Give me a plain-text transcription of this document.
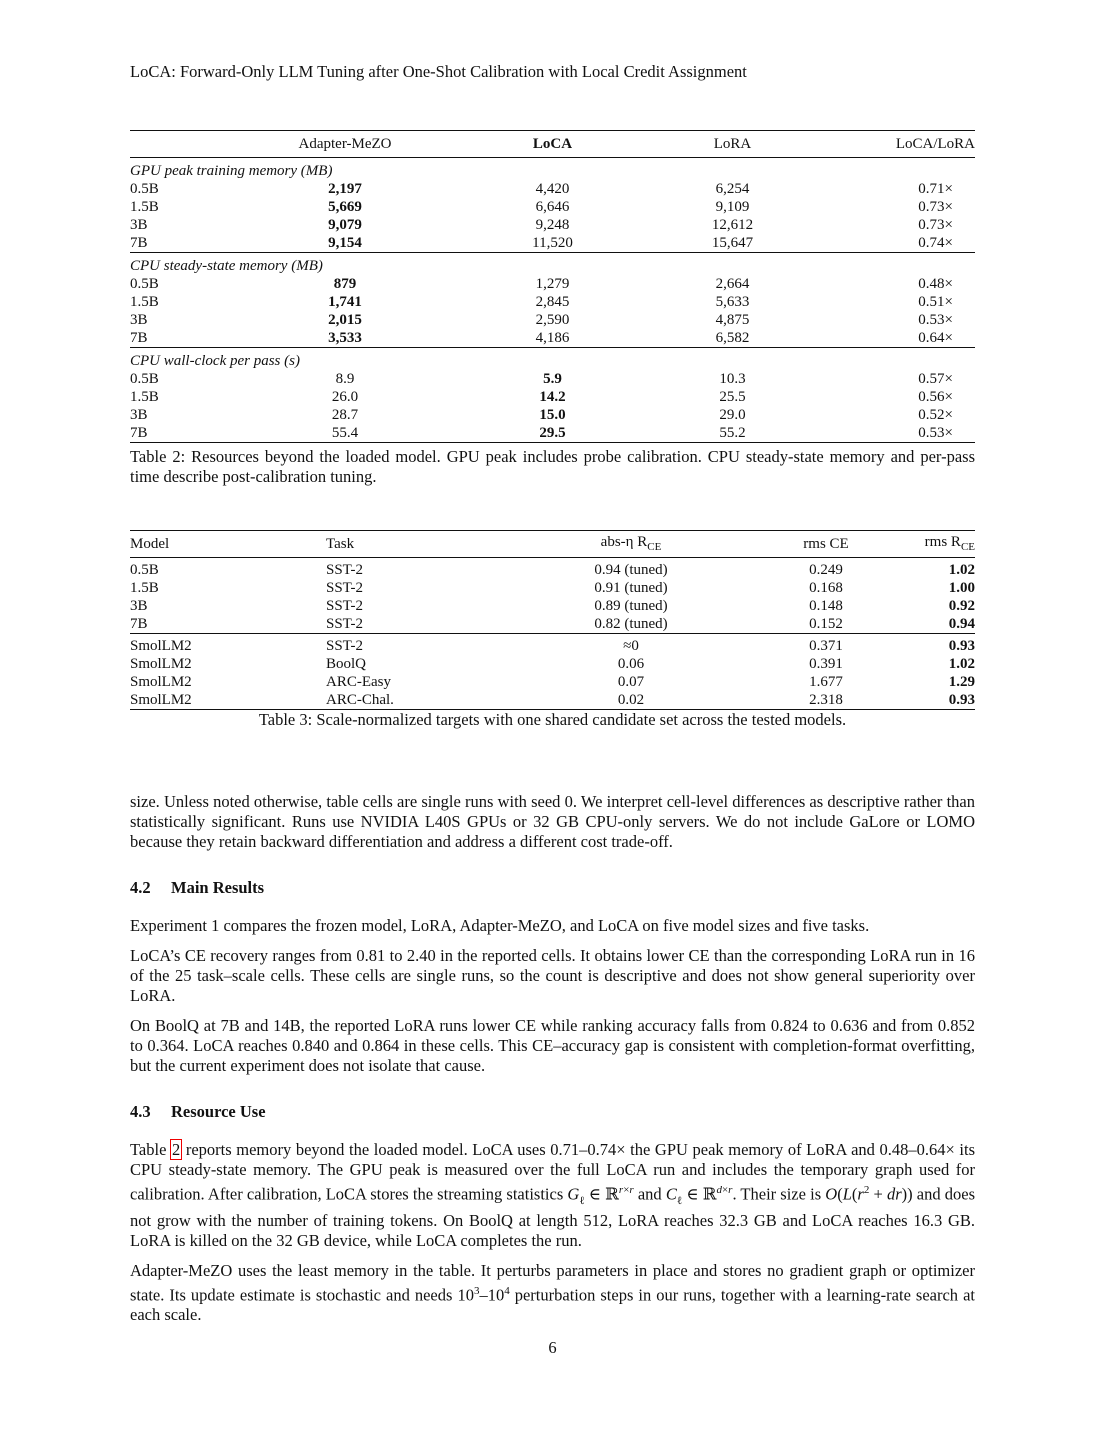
LoCA: Forward-Only LLM Tuning after One-Shot Calibration with Local Credit Assignment
	Adapter-MeZO	LoCA	LoRA	LoCA/LoRA
GPU peak training memory (MB)				
0.5B	2,197	4,420	6,254	0.71×
1.5B	5,669	6,646	9,109	0.73×
3B	9,079	9,248	12,612	0.73×
7B	9,154	11,520	15,647	0.74×
CPU steady-state memory (MB)				
0.5B	879	1,279	2,664	0.48×
1.5B	1,741	2,845	5,633	0.51×
3B	2,015	2,590	4,875	0.53×
7B	3,533	4,186	6,582	0.64×
CPU wall-clock per pass (s)				
0.5B	8.9	5.9	10.3	0.57×
1.5B	26.0	14.2	25.5	0.56×
3B	28.7	15.0	29.0	0.52×
7B	55.4	29.5	55.2	0.53×
Table 2: Resources beyond the loaded model. GPU peak includes probe calibration. CPU steady-state memory and per-pass time describe post-calibration tuning.
Model	Task	abs-η $R_{CE}$	rms CE	rms $R_{CE}$
0.5B	SST-2	0.94 (tuned)	0.249	1.02
1.5B	SST-2	0.91 (tuned)	0.168	1.00
3B	SST-2	0.89 (tuned)	0.148	0.92
7B	SST-2	0.82 (tuned)	0.152	0.94
SmolLM2	SST-2	≈0	0.371	0.93
SmolLM2	BoolQ	0.06	0.391	1.02
SmolLM2	ARC-Easy	0.07	1.677	1.29
SmolLM2	ARC-Chal.	0.02	2.318	0.93
Table 3: Scale-normalized targets with one shared candidate set across the tested models.

size. Unless noted otherwise, table cells are single runs with seed 0. We interpret cell-level differences as descriptive rather than statistically significant. Runs use NVIDIA L40S GPUs or 32 GB CPU-only servers. We do not include GaLore or LOMO because they retain backward differentiation and address a different cost trade-off.

4.2 Main Results

Experiment 1 compares the frozen model, LoRA, Adapter-MeZO, and LoCA on five model sizes and five tasks.

LoCA’s CE recovery ranges from 0.81 to 2.40 in the reported cells. It obtains lower CE than the corresponding LoRA run in 16 of the 25 task–scale cells. These cells are single runs, so the count is descriptive and does not show general superiority over LoRA.

On BoolQ at 7B and 14B, the reported LoRA runs lower CE while ranking accuracy falls from 0.824 to 0.636 and from 0.852 to 0.364. LoCA reaches 0.840 and 0.864 in these cells. This CE–accuracy gap is consistent with completion-format overfitting, but the current experiment does not isolate that cause.

4.3 Resource Use

Table 2 reports memory beyond the loaded model. LoCA uses 0.71–0.74× the GPU peak memory of LoRA and 0.48–0.64× its CPU steady-state memory. The GPU peak is measured over the full LoCA run and includes the temporary graph used for calibration. After calibration, LoCA stores the streaming statistics $G_\ell$ ∈ ℝ$^{r\times r}$ and $C_\ell$ ∈ ℝ$^{d\times r}$. Their size is $O(L(r^2 + dr))$ and does not grow with the number of training tokens. On BoolQ at length 512, LoRA reaches 32.3 GB and LoCA reaches 16.3 GB. LoRA is killed on the 32 GB device, while LoCA completes the run.

Adapter-MeZO uses the least memory in the table. It perturbs parameters in place and stores no gradient graph or optimizer state. Its update estimate is stochastic and needs $10^3-10^4$ perturbation steps in our runs, together with a learning-rate search at each scale.

6
